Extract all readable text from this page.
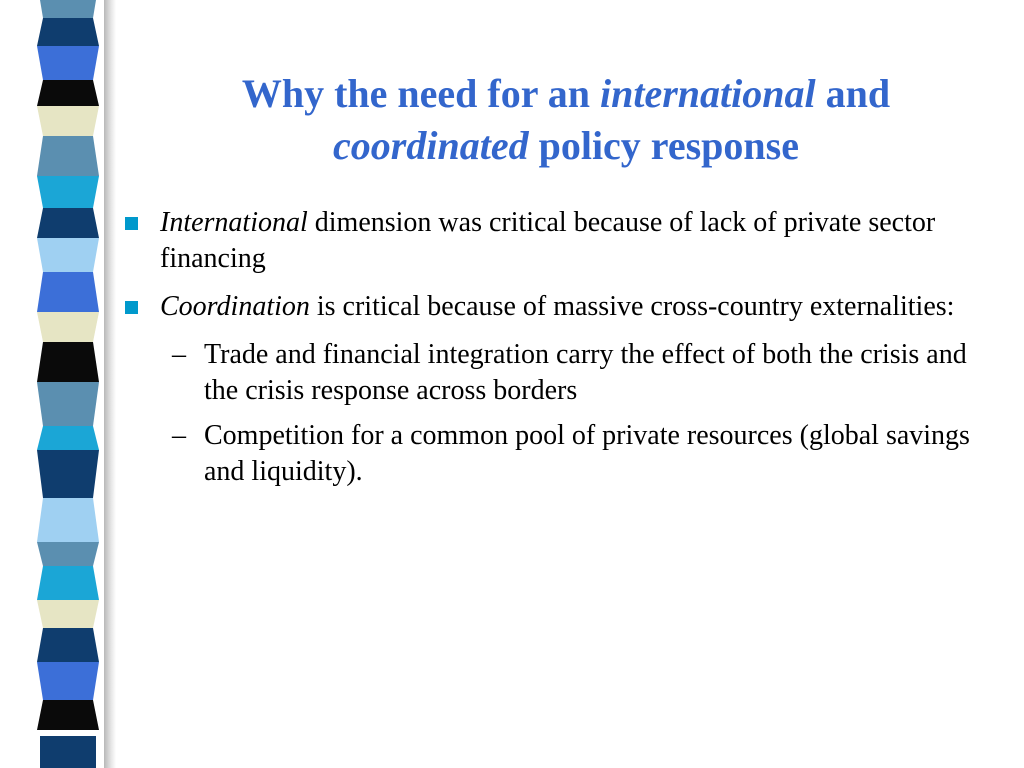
Why the need for an international and
coordinated policy response
International dimension was critical because of lack of private sector financing
Coordination is critical because of massive cross-country externalities:
– Trade and financial integration carry the effect of both the crisis and the crisis response across borders
– Competition for a common pool of private resources (global savings and liquidity).
